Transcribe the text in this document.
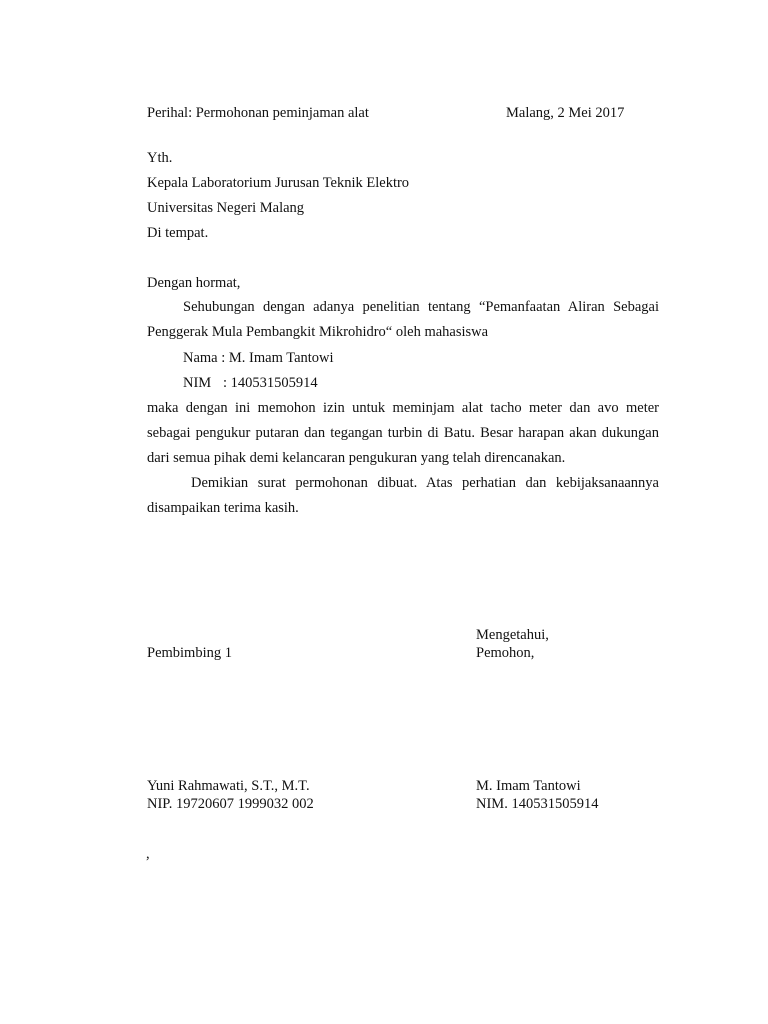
Perihal: Permohonan peminjaman alat	Malang, 2 Mei 2017
Yth.
Kepala Laboratorium Jurusan Teknik Elektro
Universitas Negeri Malang
Di tempat.
Dengan hormat,
Sehubungan dengan adanya penelitian tentang “Pemanfaatan Aliran Sebagai Penggerak Mula Pembangkit Mikrohidro“ oleh mahasiswa
Nama : M. Imam Tantowi
NIM : 140531505914
maka dengan ini memohon izin untuk meminjam alat tacho meter dan avo meter sebagai pengukur putaran dan tegangan turbin di Batu. Besar harapan akan dukungan dari semua pihak demi kelancaran pengukuran yang telah direncanakan.
Demikian surat permohonan dibuat. Atas perhatian dan kebijaksanaannya disampaikan terima kasih.
Mengetahui,
Pembimbing 1	Pemohon,
Yuni Rahmawati, S.T., M.T.
NIP. 19720607 1999032 002
M. Imam Tantowi
NIM. 140531505914
,
